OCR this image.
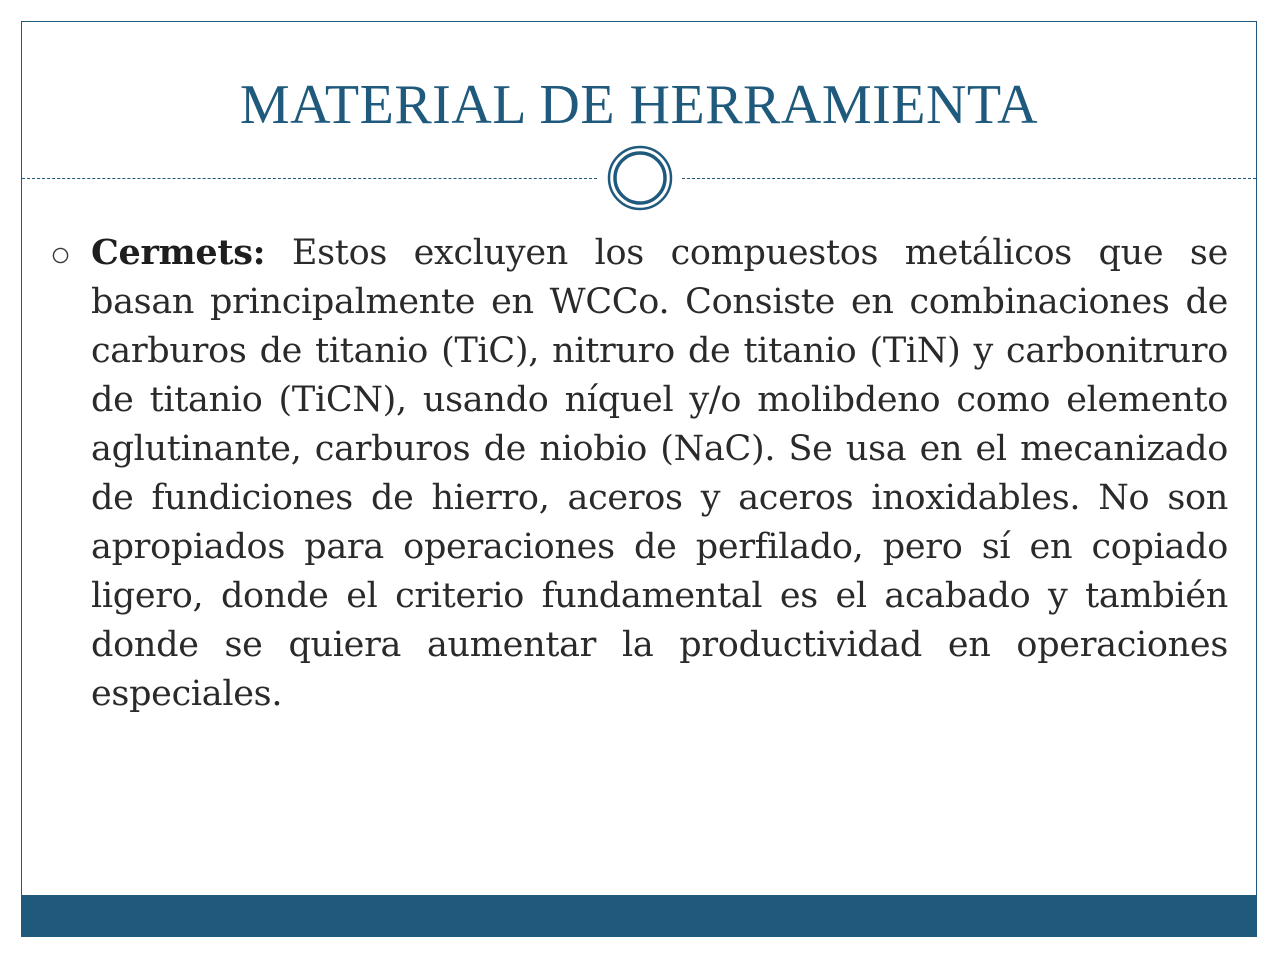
MATERIAL DE HERRAMIENTA

Cermets: Estos excluyen los compuestos metálicos que se basan principalmente en WCCo. Consiste en combinaciones de carburos de titanio (TiC), nitruro de titanio (TiN) y carbonitruro de titanio (TiCN), usando níquel y/o molibdeno como elemento aglutinante, carburos de niobio (NaC). Se usa en el mecanizado de fundiciones de hierro, aceros y aceros inoxidables. No son apropiados para operaciones de perfilado, pero sí en copiado ligero, donde el criterio fundamental es el acabado y también donde se quiera aumentar la productividad en operaciones especiales.
